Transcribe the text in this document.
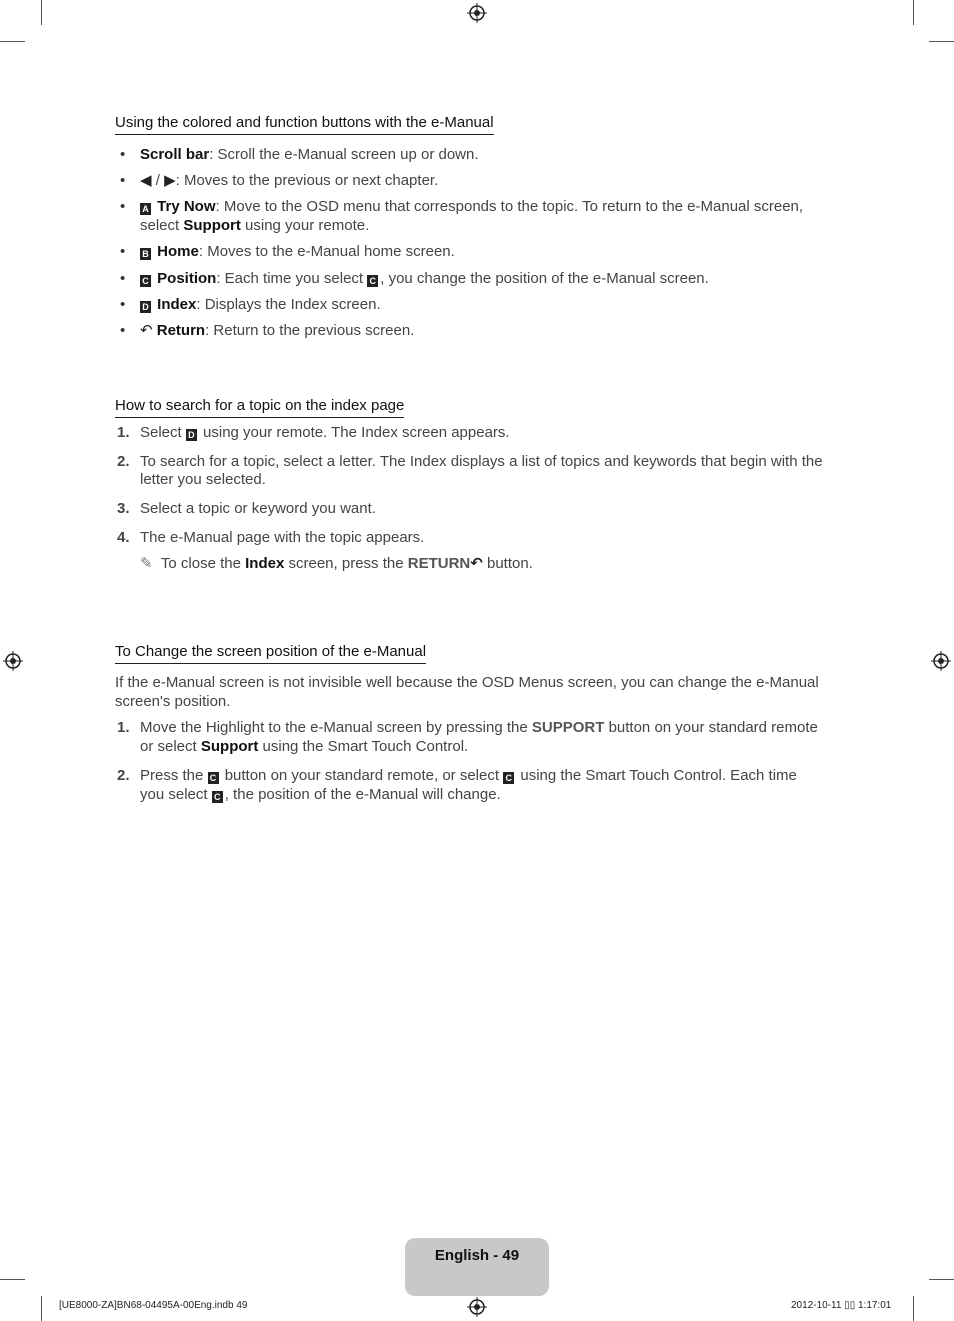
Using the colored and function buttons with the e-Manual
• Scroll bar: Scroll the e-Manual screen up or down.
• ◀ / ▶: Moves to the previous or next chapter.
• A Try Now: Move to the OSD menu that corresponds to the topic. To return to the e-Manual screen,
select Support using your remote.
• B Home: Moves to the e-Manual home screen.
• C Position: Each time you select C , you change the position of the e-Manual screen.
• D Index: Displays the Index screen.
• ↶ Return: Return to the previous screen.
How to search for a topic on the index page
1. Select D using your remote. The Index screen appears.
2. To search for a topic, select a letter. The Index displays a list of topics and keywords that begin with the
letter you selected.
3. Select a topic or keyword you want.
4. The e-Manual page with the topic appears.
✎ To close the Index screen, press the RETURN↶ button.
To Change the screen position of the e-Manual
If the e-Manual screen is not invisible well because the OSD Menus screen, you can change the e-Manual
screen's position.
1. Move the Highlight to the e-Manual screen by pressing the SUPPORT button on your standard remote
or select Support using the Smart Touch Control.
2. Press the C button on your standard remote, or select C using the Smart Touch Control. Each time
you select C , the position of the e-Manual will change.
English - 49
[UE8000-ZA]BN68-04495A-00Eng.indb 49	2012-10-11 ▯▯ 1:17:01
